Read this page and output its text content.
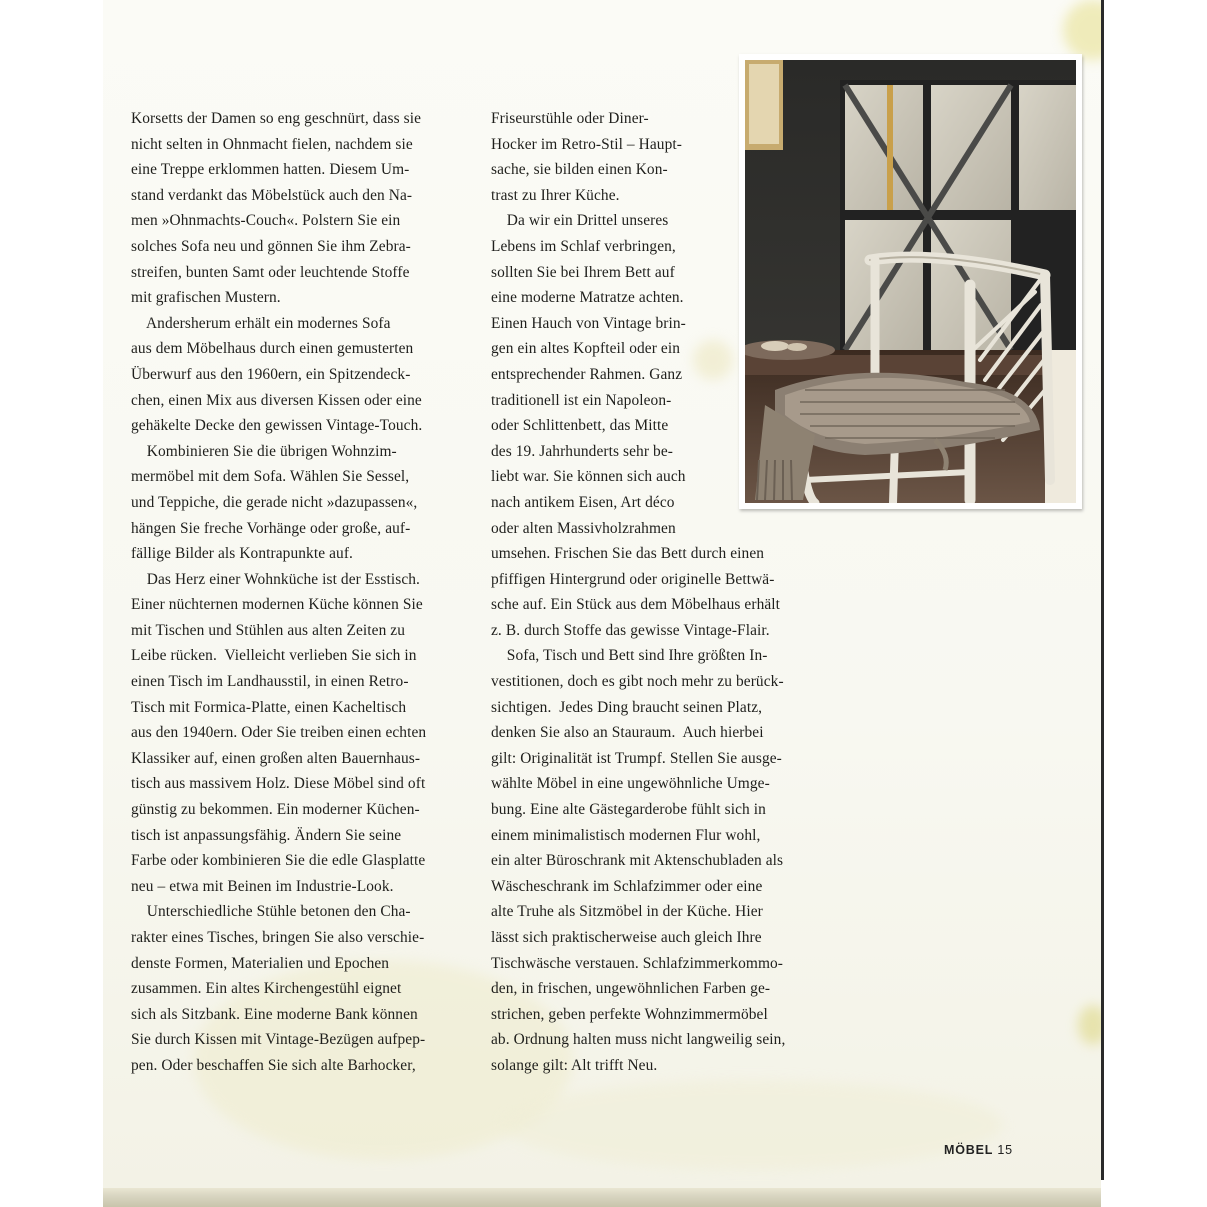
Korsetts der Damen so eng geschnürt, dass sie

nicht selten in Ohnmacht fielen, nachdem sie

eine Treppe erklommen hatten. Diesem Um-

stand verdankt das Möbelstück auch den Na-

men »Ohnmachts-Couch«. Polstern Sie ein

solches Sofa neu und gönnen Sie ihm Zebra-

streifen, bunten Samt oder leuchtende Stoffe

mit grafischen Mustern.

Andersherum erhält ein modernes Sofa

aus dem Möbelhaus durch einen gemusterten

Überwurf aus den 1960ern, ein Spitzendeck-

chen, einen Mix aus diversen Kissen oder eine

gehäkelte Decke den gewissen Vintage-Touch.

Kombinieren Sie die übrigen Wohnzim-

mermöbel mit dem Sofa. Wählen Sie Sessel,

und Teppiche, die gerade nicht »dazupassen«,

hängen Sie freche Vorhänge oder große, auf-

fällige Bilder als Kontrapunkte auf.

Das Herz einer Wohnküche ist der Esstisch.

Einer nüchternen modernen Küche können Sie

mit Tischen und Stühlen aus alten Zeiten zu

Leibe rücken.  Vielleicht verlieben Sie sich in

einen Tisch im Landhausstil, in einen Retro-

Tisch mit Formica-Platte, einen Kacheltisch

aus den 1940ern. Oder Sie treiben einen echten

Klassiker auf, einen großen alten Bauernhaus-

tisch aus massivem Holz. Diese Möbel sind oft

günstig zu bekommen. Ein moderner Küchen-

tisch ist anpassungsfähig. Ändern Sie seine

Farbe oder kombinieren Sie die edle Glasplatte

neu – etwa mit Beinen im Industrie-Look.

Unterschiedliche Stühle betonen den Cha-

rakter eines Tisches, bringen Sie also verschie-

denste Formen, Materialien und Epochen

zusammen. Ein altes Kirchengestühl eignet

sich als Sitzbank. Eine moderne Bank können

Sie durch Kissen mit Vintage-Bezügen aufpep-

pen. Oder beschaffen Sie sich alte Barhocker,

Friseurstühle oder Diner-

Hocker im Retro-Stil – Haupt-

sache, sie bilden einen Kon-

trast zu Ihrer Küche.

Da wir ein Drittel unseres

Lebens im Schlaf verbringen,

sollten Sie bei Ihrem Bett auf

eine moderne Matratze achten.

Einen Hauch von Vintage brin-

gen ein altes Kopfteil oder ein

entsprechender Rahmen. Ganz

traditionell ist ein Napoleon-

oder Schlittenbett, das Mitte

des 19. Jahrhunderts sehr be-

liebt war. Sie können sich auch

nach antikem Eisen, Art déco

oder alten Massivholzrahmen

umsehen. Frischen Sie das Bett durch einen

pfiffigen Hintergrund oder originelle Bettwä-

sche auf. Ein Stück aus dem Möbelhaus erhält

z. B. durch Stoffe das gewisse Vintage-Flair.

Sofa, Tisch und Bett sind Ihre größten In-

vestitionen, doch es gibt noch mehr zu berück-

sichtigen.  Jedes Ding braucht seinen Platz,

denken Sie also an Stauraum.  Auch hierbei

gilt: Originalität ist Trumpf. Stellen Sie ausge-

wählte Möbel in eine ungewöhnliche Umge-

bung. Eine alte Gästegarderobe fühlt sich in

einem minimalistisch modernen Flur wohl,

ein alter Büroschrank mit Aktenschubladen als

Wäscheschrank im Schlafzimmer oder eine

alte Truhe als Sitzmöbel in der Küche. Hier

lässt sich praktischerweise auch gleich Ihre

Tischwäsche verstauen. Schlafzimmerkommo-

den, in frischen, ungewöhnlichen Farben ge-

strichen, geben perfekte Wohnzimmermöbel

ab. Ordnung halten muss nicht langweilig sein,

solange gilt: Alt trifft Neu.

MÖBEL 15
